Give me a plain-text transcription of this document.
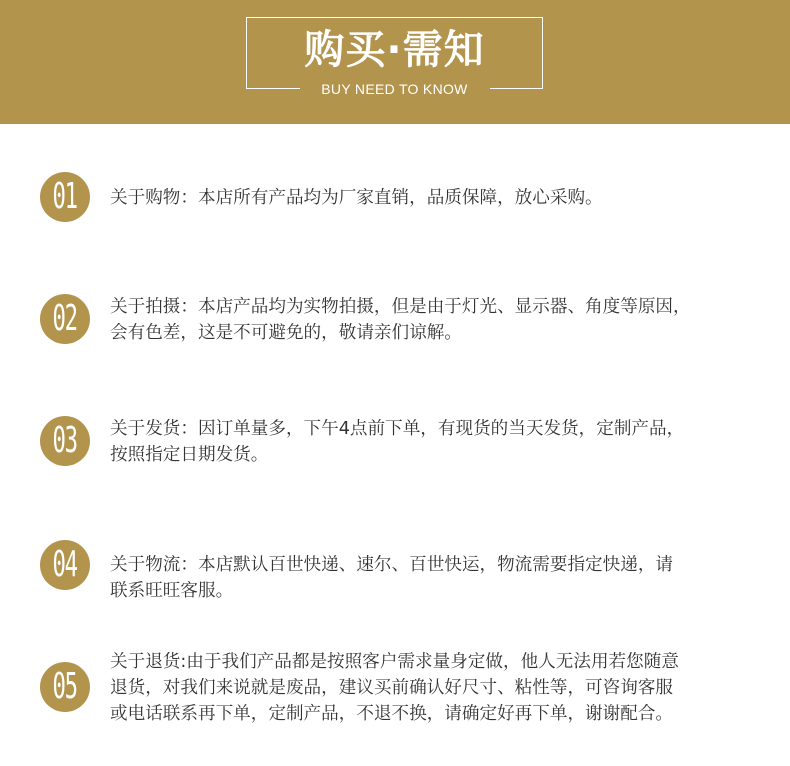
购买·需知
BUY NEED TO KNOW
01 关于购物：本店所有产品均为厂家直销，品质保障，放心采购。
02 关于拍摄：本店产品均为实物拍摄，但是由于灯光、显示器、角度等原因，
会有色差，这是不可避免的，敬请亲们谅解。
03 关于发货：因订单量多，下午4点前下单，有现货的当天发货，定制产品，
按照指定日期发货。
04 关于物流：本店默认百世快递、速尔、百世快运，物流需要指定快递，请
联系旺旺客服。
05
关于退货:由于我们产品都是按照客户需求量身定做，他人无法用若您随意
退货，对我们来说就是废品，建议买前确认好尺寸、粘性等，可咨询客服
或电话联系再下单，定制产品，不退不换，请确定好再下单，谢谢配合。
